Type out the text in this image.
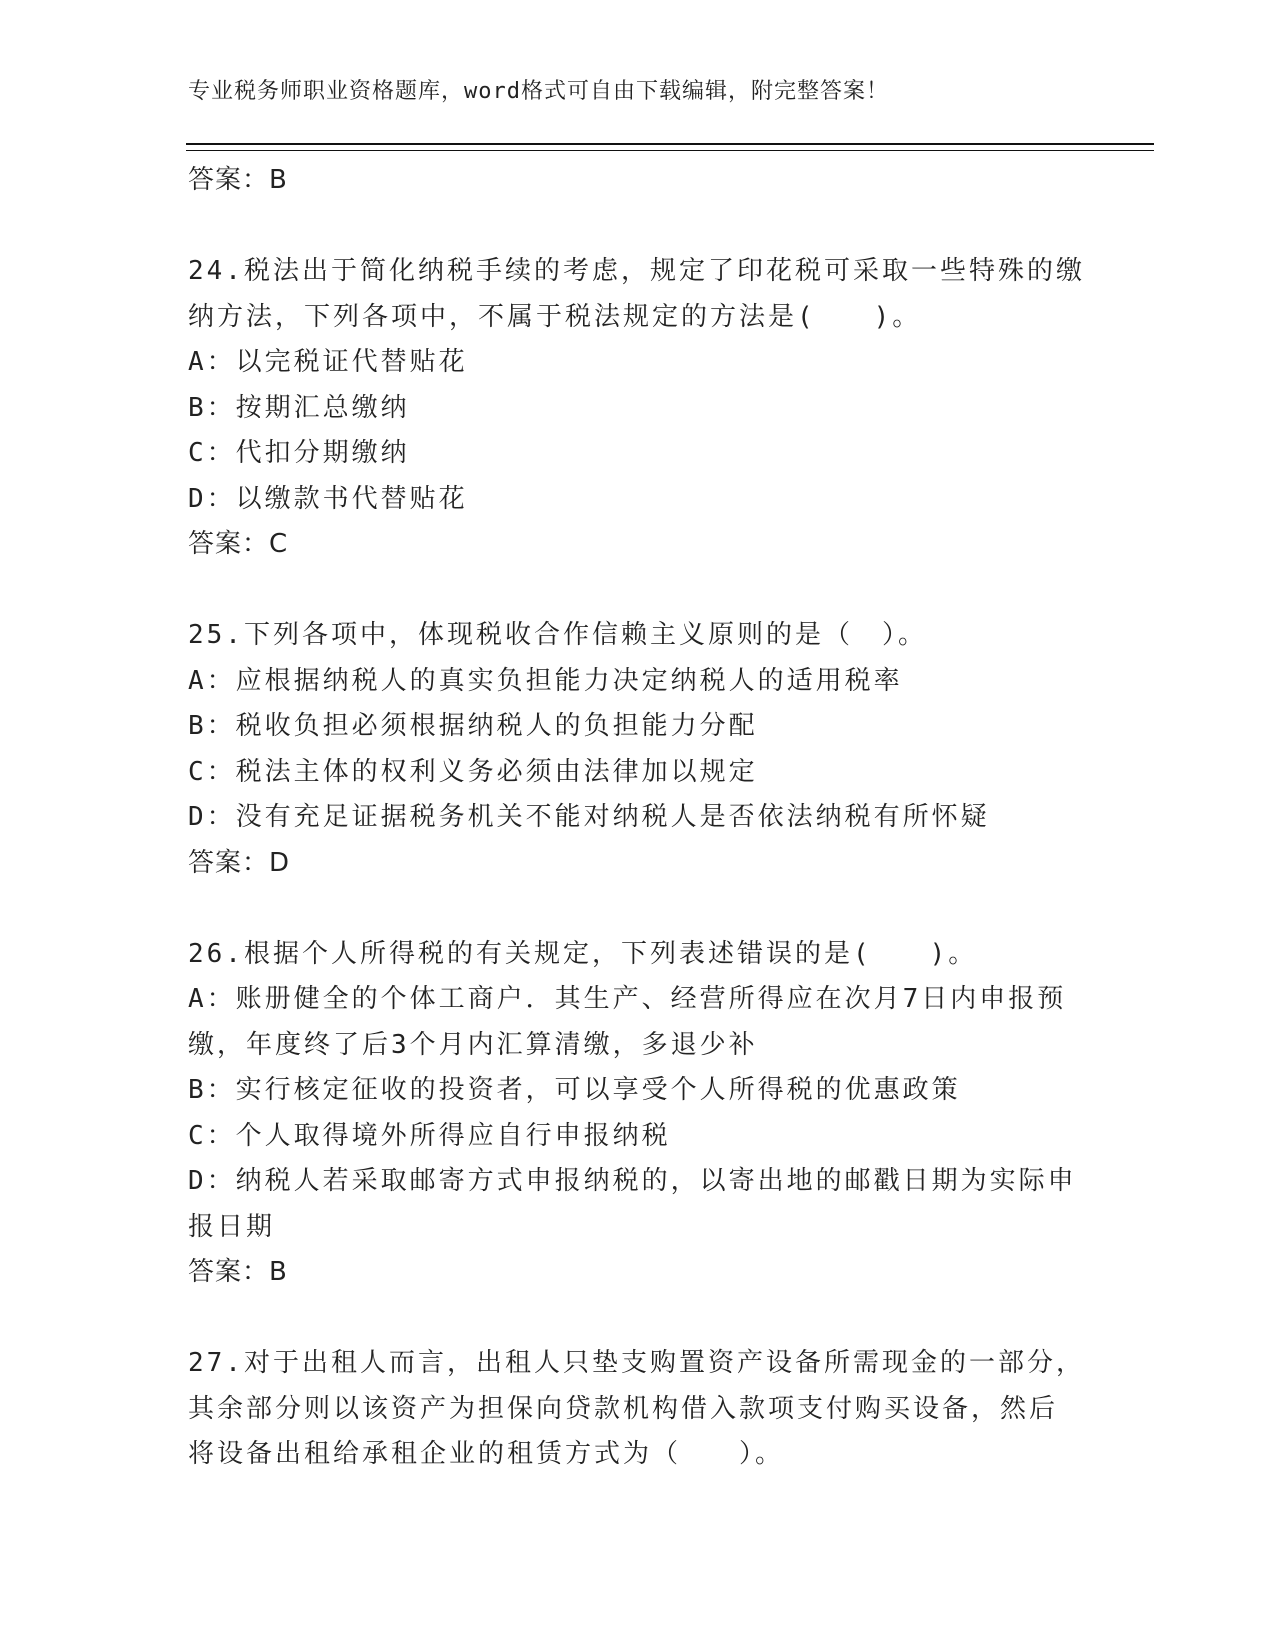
专业税务师职业资格题库，word格式可自由下载编辑，附完整答案！
答案：B
24.税法出于简化纳税手续的考虑，规定了印花税可采取一些特殊的缴
纳方法，下列各项中，不属于税法规定的方法是(　　)。
A：以完税证代替贴花
B：按期汇总缴纳
C：代扣分期缴纳
D：以缴款书代替贴花
答案：C
25.下列各项中，体现税收合作信赖主义原则的是（　）。
A：应根据纳税人的真实负担能力决定纳税人的适用税率
B：税收负担必须根据纳税人的负担能力分配
C：税法主体的权利义务必须由法律加以规定
D：没有充足证据税务机关不能对纳税人是否依法纳税有所怀疑
答案：D
26.根据个人所得税的有关规定，下列表述错误的是(　　)。
A：账册健全的个体工商户．其生产、经营所得应在次月7日内申报预
缴，年度终了后3个月内汇算清缴，多退少补
B：实行核定征收的投资者，可以享受个人所得税的优惠政策
C：个人取得境外所得应自行申报纳税
D：纳税人若采取邮寄方式申报纳税的，以寄出地的邮戳日期为实际申
报日期
答案：B
27.对于出租人而言，出租人只垫支购置资产设备所需现金的一部分，
其余部分则以该资产为担保向贷款机构借入款项支付购买设备，然后
将设备出租给承租企业的租赁方式为（　　）。
